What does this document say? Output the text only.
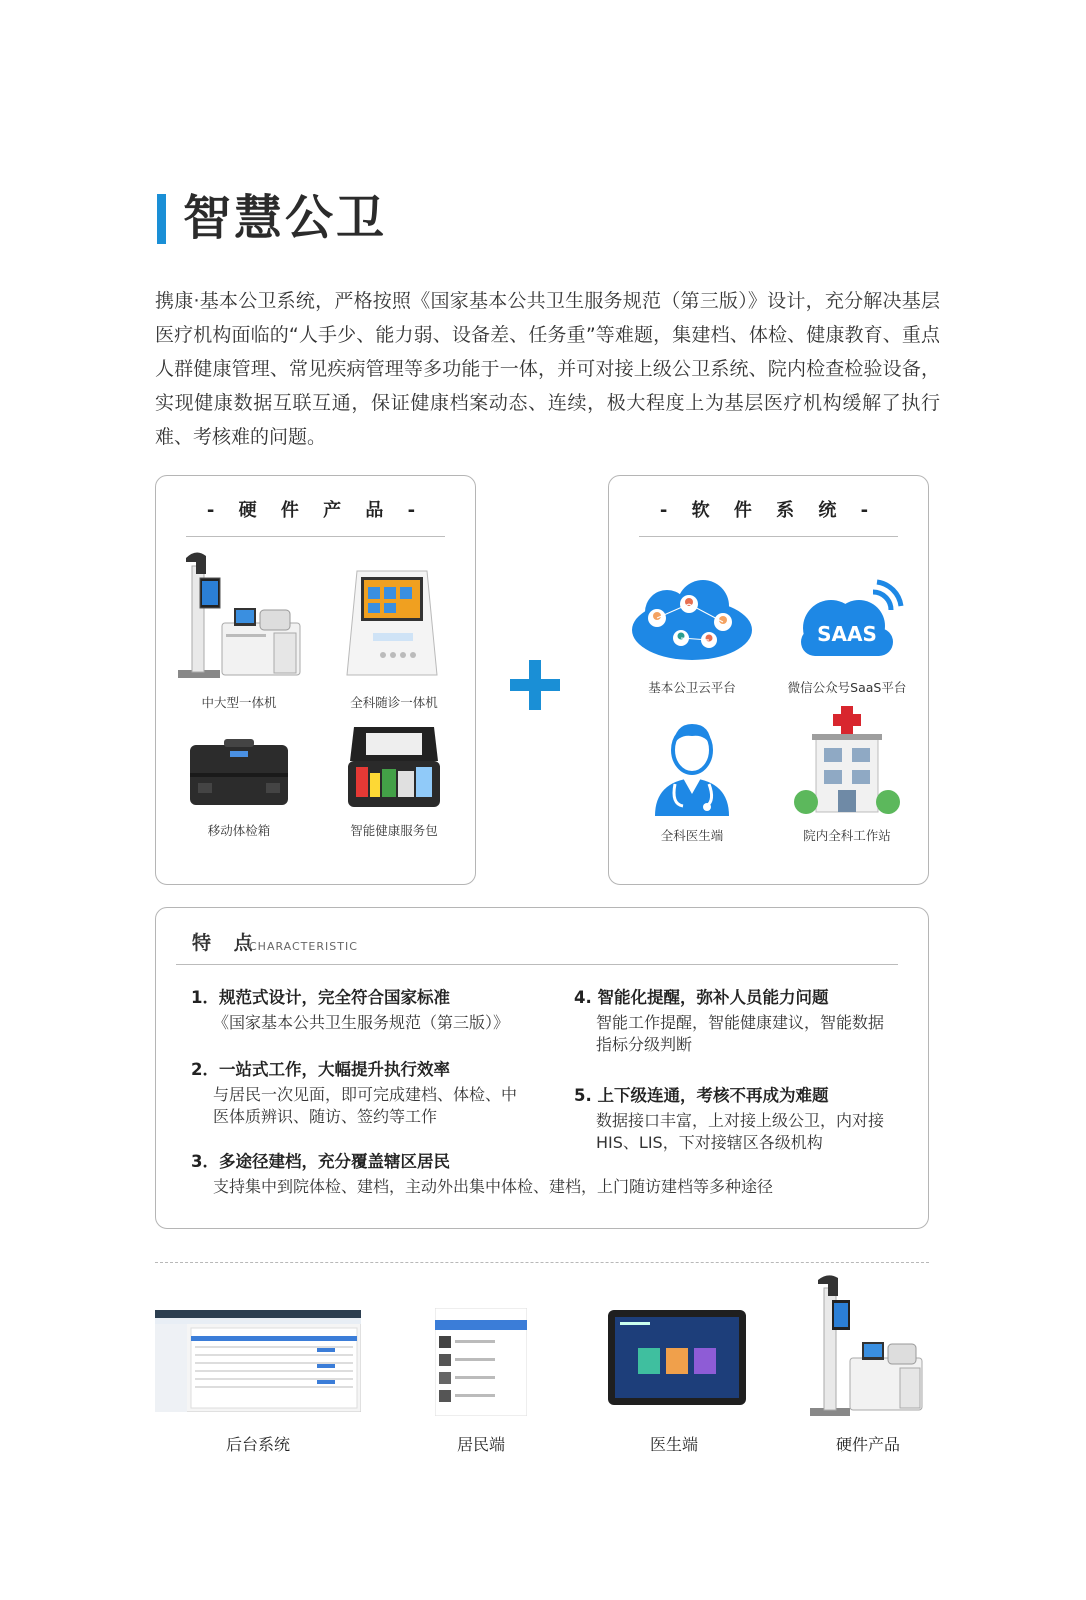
智慧公卫
携康·基本公卫系统，严格按照《国家基本公共卫生服务规范（第三版）》设计，充分解决基层医疗机构面临的“人手少、能力弱、设备差、任务重”等难题，集建档、体检、健康教育、重点人群健康管理、常见疾病管理等多功能于一体，并可对接上级公卫系统、院内检查检验设备，实现健康数据互联互通，保证健康档案动态、连续，极大程度上为基层医疗机构缓解了执行难、考核难的问题。
- 硬 件 产 品 -
中大型一体机	全科随诊一体机
移动体检箱	智能健康服务包
- 软 件 系 统 -
基本公卫云平台
SAAS
微信公众号SaaS平台
全科医生端	院内全科工作站
特 点
CHARACTERISTIC
1．规范式设计，完全符合国家标准
《国家基本公共卫生服务规范（第三版）》
2．一站式工作，大幅提升执行效率
与居民一次见面，即可完成建档、体检、中医体质辨识、随访、签约等工作
3．多途径建档，充分覆盖辖区居民
支持集中到院体检、建档，主动外出集中体检、建档，上门随访建档等多种途径
4. 智能化提醒，弥补人员能力问题
智能工作提醒，智能健康建议，智能数据指标分级判断
5. 上下级连通，考核不再成为难题
数据接口丰富，上对接上级公卫，内对接HIS、LIS，下对接辖区各级机构
后台系统	居民端	医生端	硬件产品
